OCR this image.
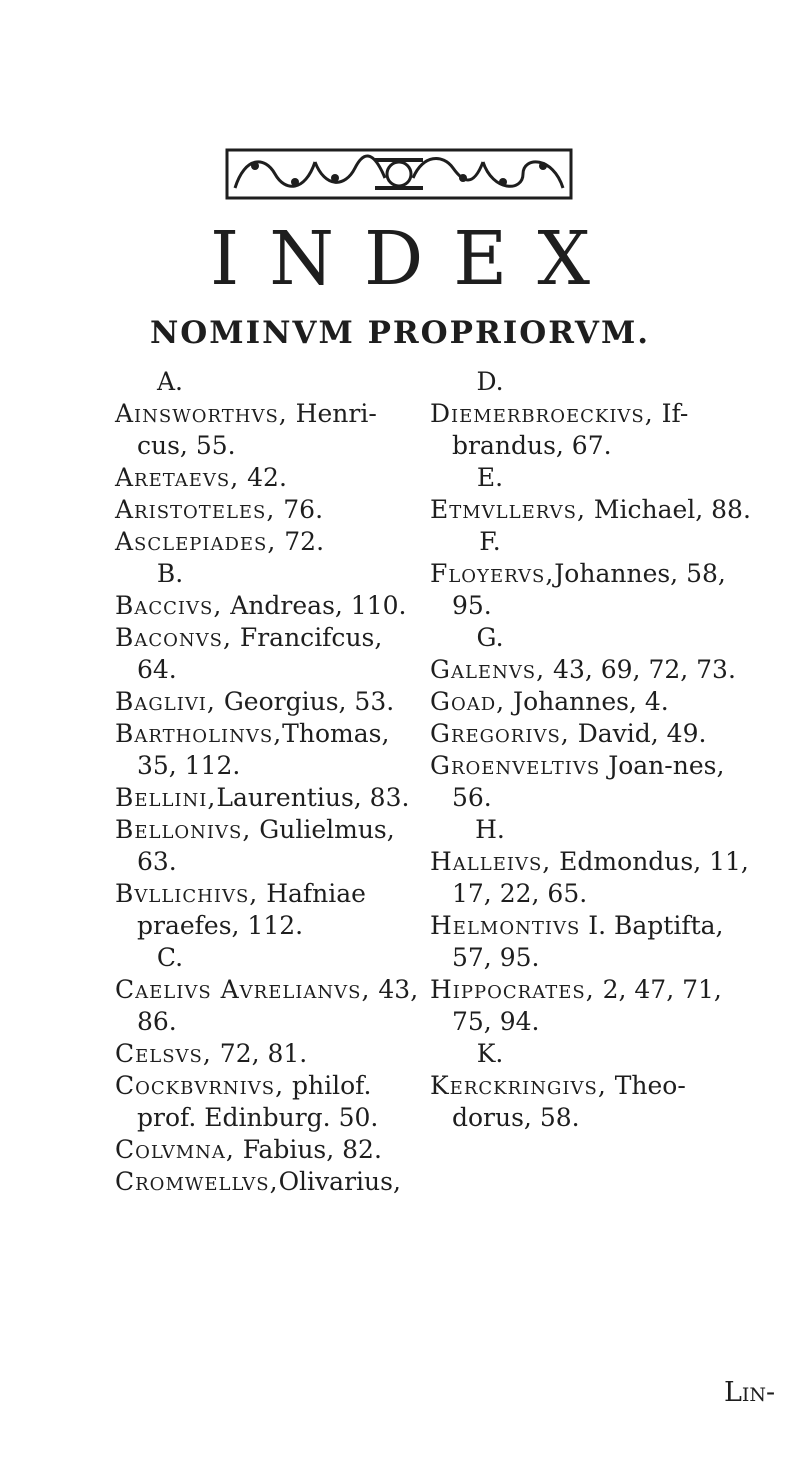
INDEX
NOMINVM PROPRIORVM.
A.

Ainsworthvs, Henri-cus, 55.

Aretaevs, 42.

Aristoteles, 76.

Asclepiades, 72.

B.

Baccivs, Andreas, 110.

Baconvs, Francifcus, 64.

Baglivi, Georgius, 53.

Bartholinvs,Thomas, 35, 112.

Bellini,Laurentius, 83.

Bellonivs, Gulielmus, 63.

Bvllichivs, Hafniae praefes, 112.

C.

Caelivs Avrelianvs, 43, 86.

Celsvs, 72, 81.

Cockbvrnivs, philof. prof. Edinburg. 50.

Colvmna, Fabius, 82.

Cromwellvs,Olivarius,

D.

Diemerbroeckivs, If-brandus, 67.

E.

Etmvllervs, Michael, 88.

F.

Floyervs,Johannes, 58, 95.

G.

Galenvs, 43, 69, 72, 73.

Goad, Johannes, 4.

Gregorivs, David, 49.

Groenveltivs Joan-nes, 56.

H.

Halleivs, Edmondus, 11, 17, 22, 65.

Helmontivs I. Baptifta, 57, 95.

Hippocrates, 2, 47, 71, 75, 94.

K.

Kerckringivs, Theo-dorus, 58.

Lin-
